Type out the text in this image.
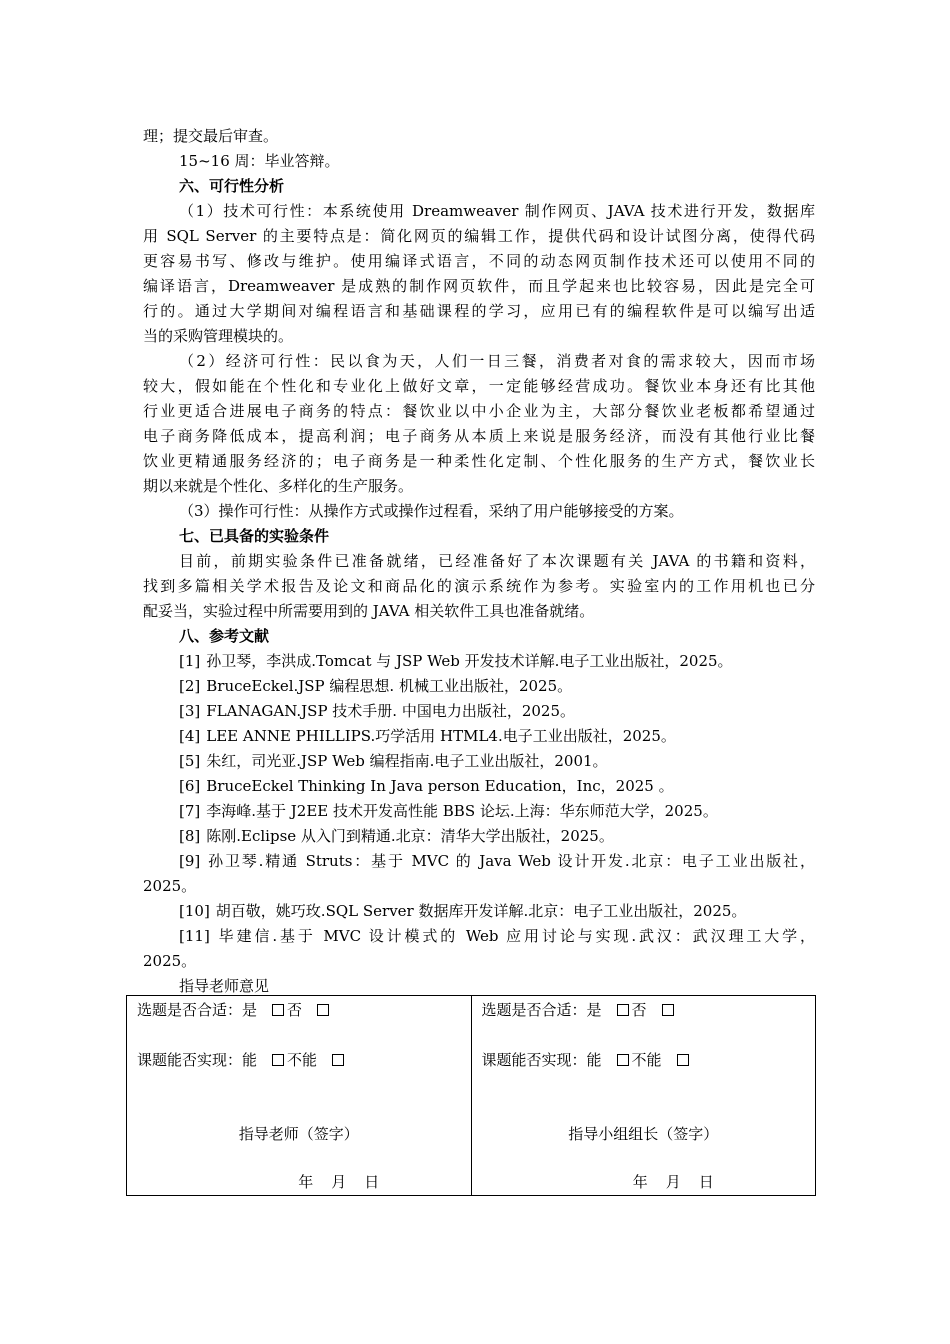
理；提交最后审查。
15~16 周：毕业答辩。
六、可行性分析
（1）技术可行性：本系统使用 Dreamweaver 制作网页、JAVA 技术进行开发，数据库
用 SQL Server 的主要特点是：简化网页的编辑工作，提供代码和设计试图分离，使得代码
更容易书写、修改与维护。使用编译式语言，不同的动态网页制作技术还可以使用不同的
编译语言，Dreamweaver 是成熟的制作网页软件，而且学起来也比较容易，因此是完全可
行的。通过大学期间对编程语言和基础课程的学习，应用已有的编程软件是可以编写出适
当的采购管理模块的。
（2）经济可行性：民以食为天，人们一日三餐，消费者对食的需求较大，因而市场
较大，假如能在个性化和专业化上做好文章，一定能够经营成功。餐饮业本身还有比其他
行业更适合进展电子商务的特点：餐饮业以中小企业为主，大部分餐饮业老板都希望通过
电子商务降低成本，提高利润；电子商务从本质上来说是服务经济，而没有其他行业比餐
饮业更精通服务经济的；电子商务是一种柔性化定制、个性化服务的生产方式，餐饮业长
期以来就是个性化、多样化的生产服务。
（3）操作可行性：从操作方式或操作过程看，采纳了用户能够接受的方案。
七、已具备的实验条件
目前，前期实验条件已准备就绪，已经准备好了本次课题有关 JAVA 的书籍和资料，
找到多篇相关学术报告及论文和商品化的演示系统作为参考。实验室内的工作用机也已分
配妥当，实验过程中所需要用到的 JAVA 相关软件工具也准备就绪。
八、参考文献
[1] 孙卫琴，李洪成.Tomcat 与 JSP Web 开发技术详解.电子工业出版社，2025。
[2] BruceEckel.JSP 编程思想. 机械工业出版社，2025。
[3] FLANAGAN.JSP 技术手册. 中国电力出版社，2025。
[4] LEE ANNE PHILLIPS.巧学活用 HTML4.电子工业出版社，2025。
[5] 朱红，司光亚.JSP Web 编程指南.电子工业出版社，2001。
[6] BruceEckel Thinking In Java person Education，Inc，2025 。
[7] 李海峰.基于 J2EE 技术开发高性能 BBS 论坛.上海：华东师范大学，2025。
[8] 陈刚.Eclipse 从入门到精通.北京：清华大学出版社，2025。
[9] 孙卫琴.精通 Struts：基于 MVC 的 Java Web 设计开发.北京：电子工业出版社，
2025。
[10] 胡百敬，姚巧玫.SQL Server 数据库开发详解.北京：电子工业出版社，2025。
[11] 毕建信.基于 MVC 设计模式的 Web 应用讨论与实现.武汉：武汉理工大学，
2025。
指导老师意见
选题是否合适：是 否
课题能否实现：能 不能
指导老师（签字）
年 月 日

选题是否合适：是 否
课题能否实现：能 不能
指导小组组长（签字）
年 月 日
